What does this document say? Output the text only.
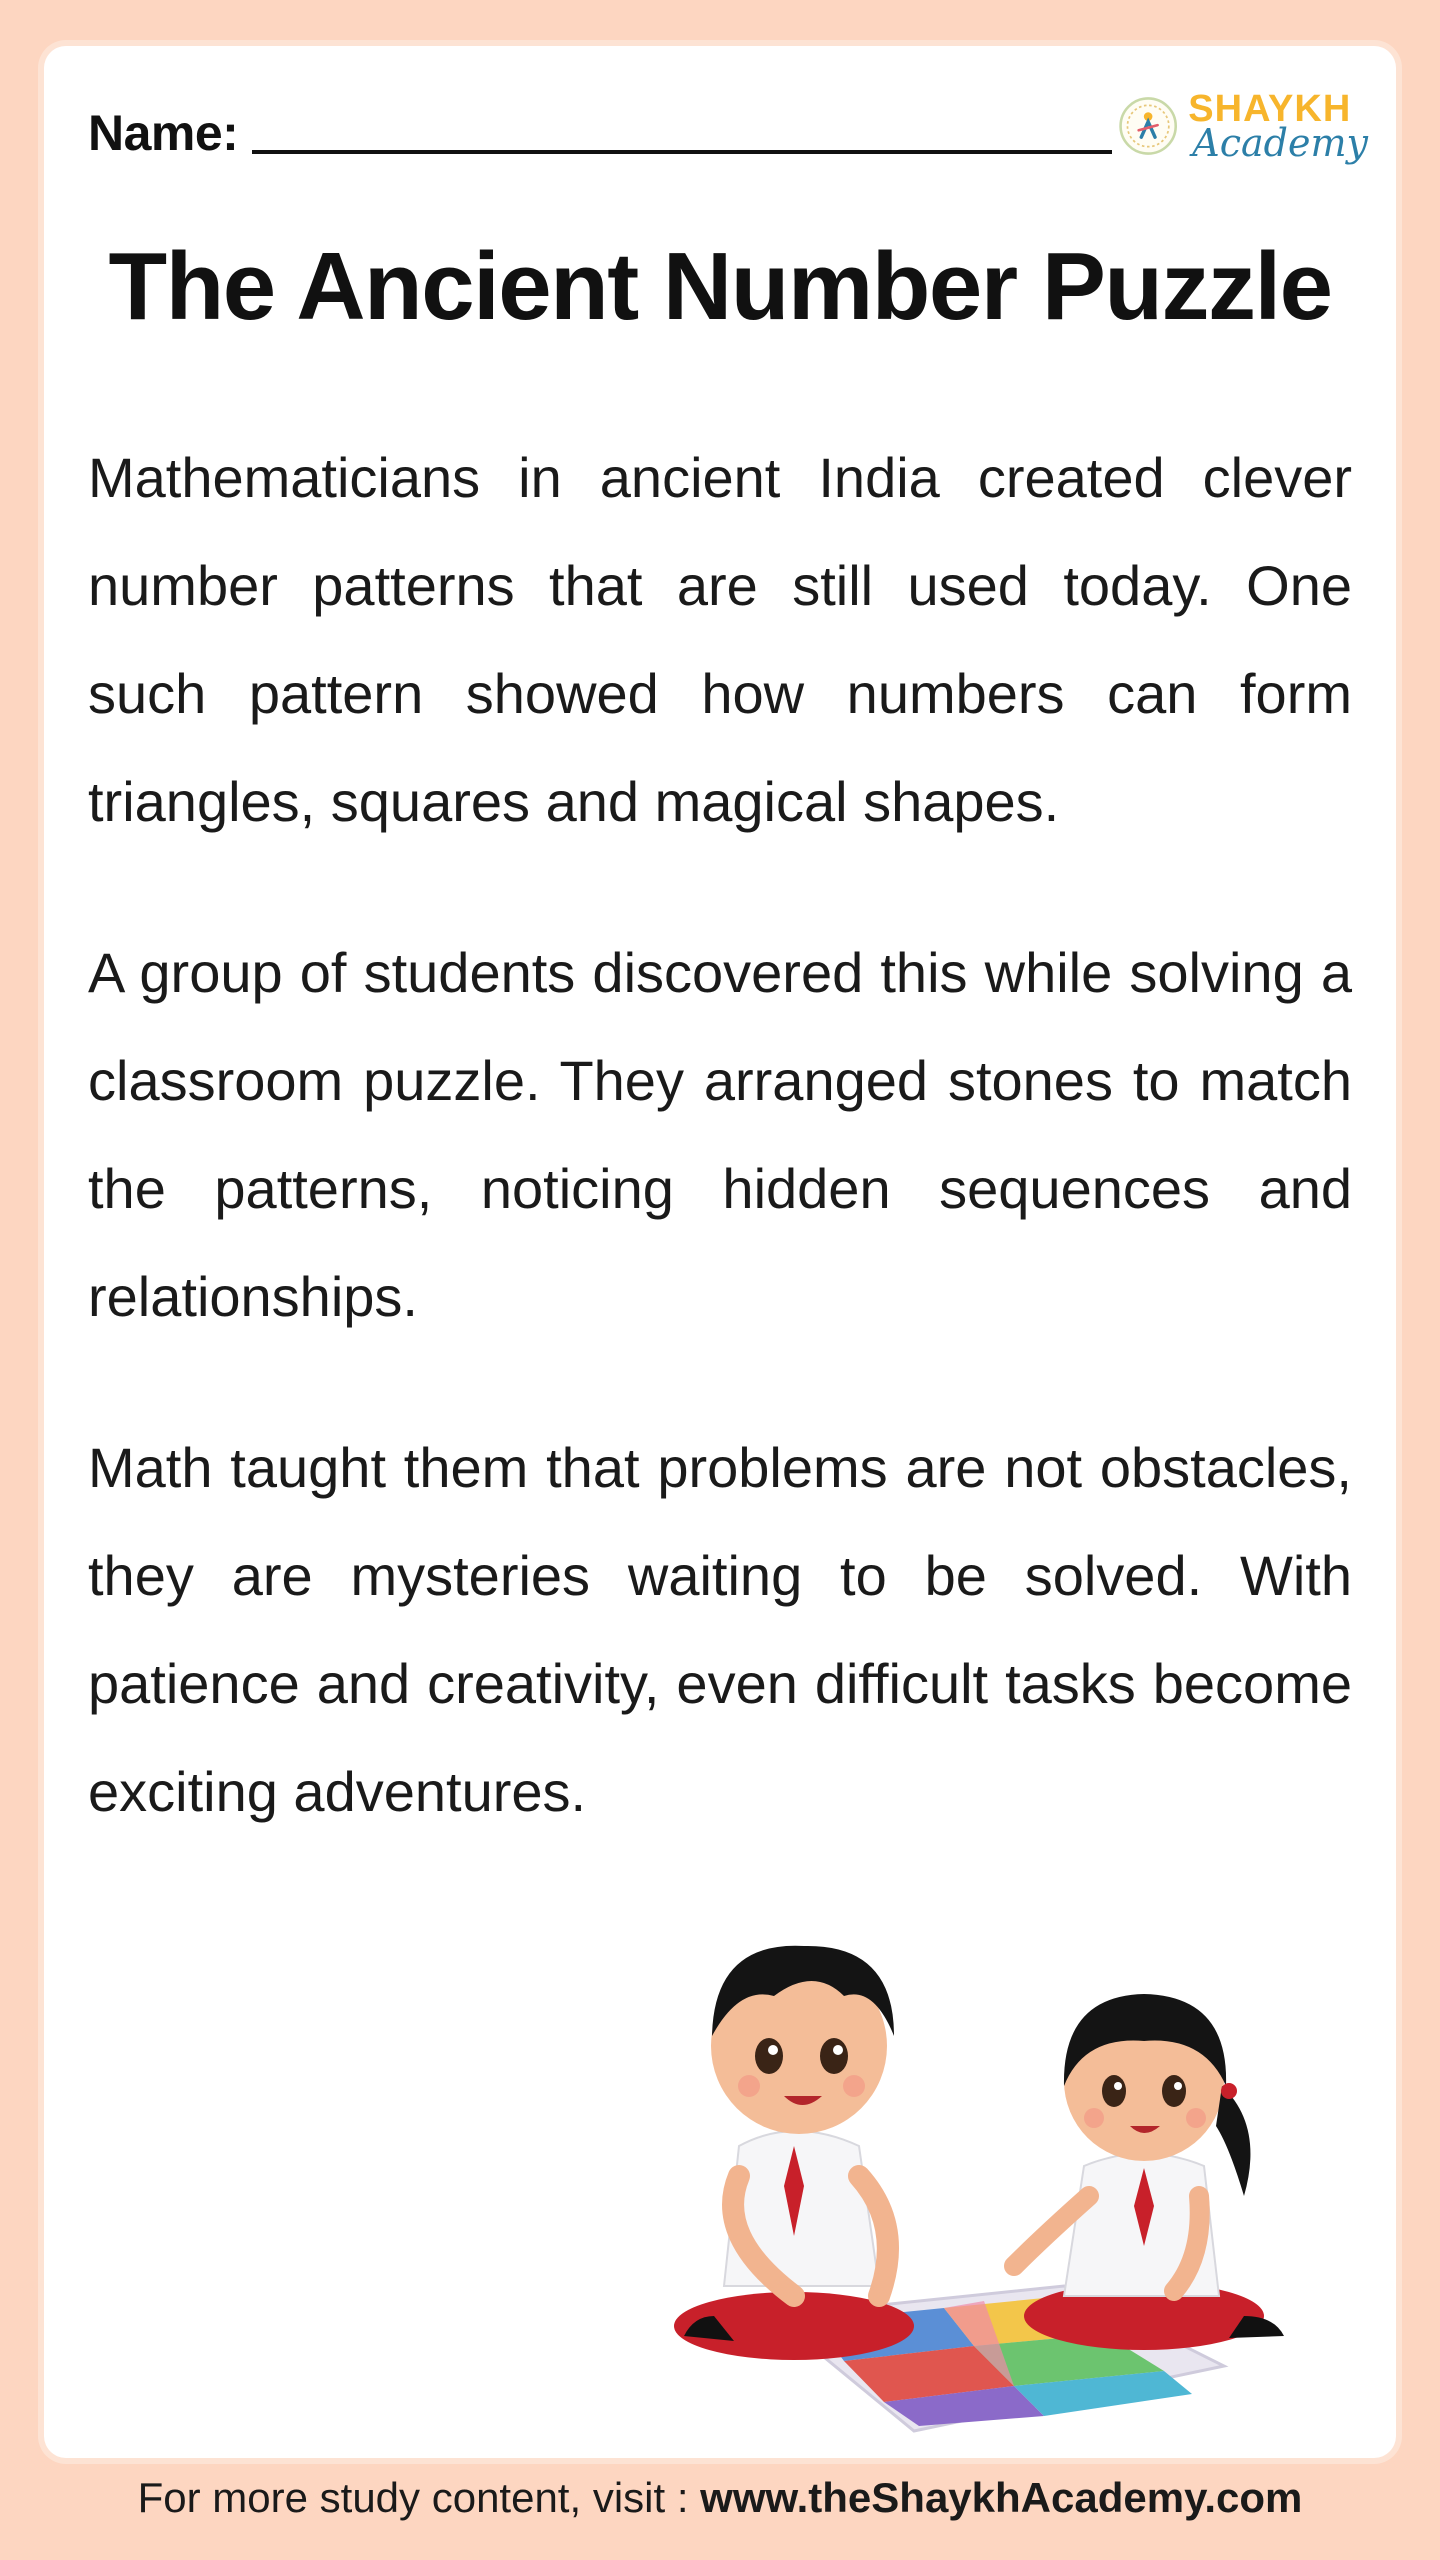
Name:	SHAYKH
Academy
The Ancient Number Puzzle

Mathematicians in ancient India created clever number patterns that are still used today. One such pattern showed how numbers can form triangles, squares and magical shapes.

A group of students discovered this while solving a classroom puzzle. They arranged stones to match the patterns, noticing hidden sequences and relationships.

Math taught them that problems are not obstacles, they are mysteries waiting to be solved. With patience and creativity, even difficult tasks become exciting adventures.

For more study content, visit : www.theShaykhAcademy.com
